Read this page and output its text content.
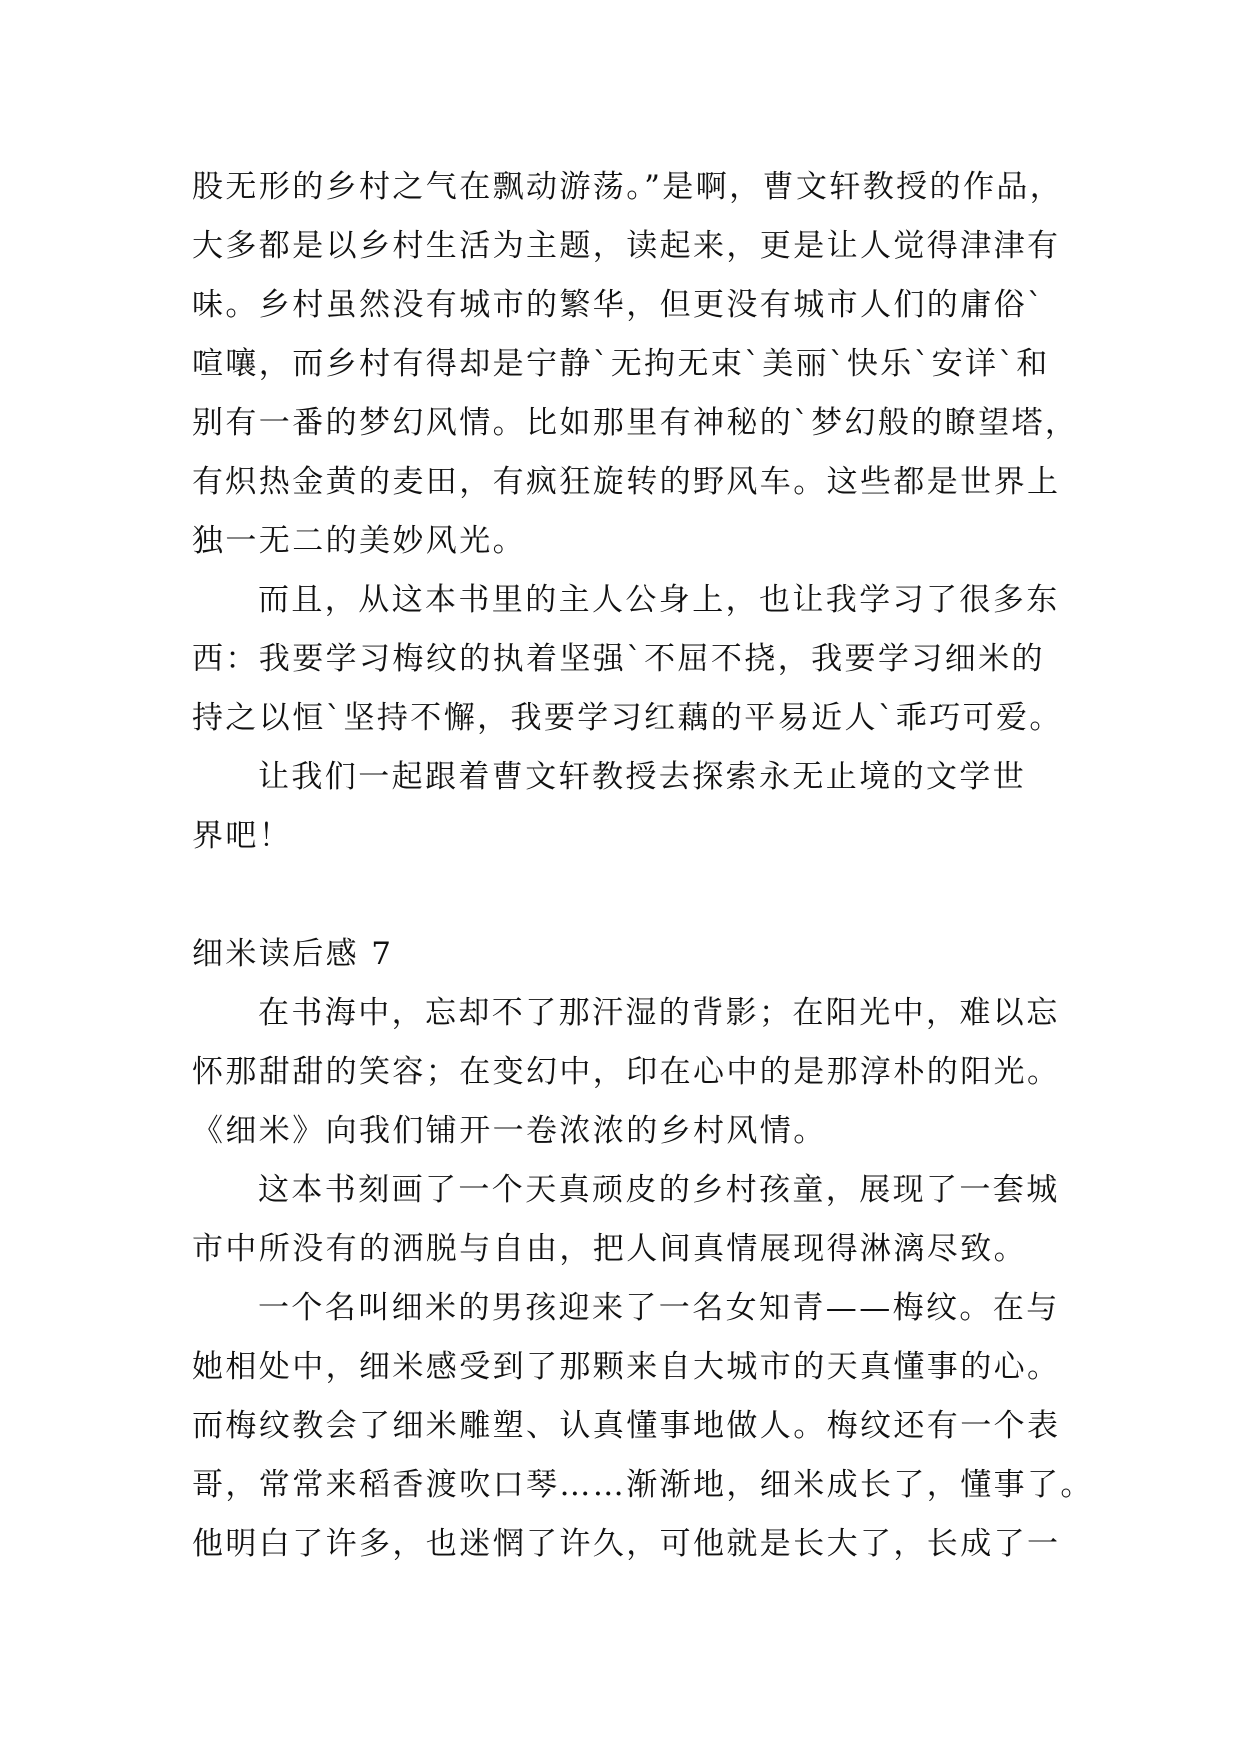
股无形的乡村之气在飘动游荡。”是啊，曹文轩教授的作品，
大多都是以乡村生活为主题，读起来，更是让人觉得津津有
味。乡村虽然没有城市的繁华，但更没有城市人们的庸俗`
喧嚷，而乡村有得却是宁静`无拘无束`美丽`快乐`安详`和
别有一番的梦幻风情。比如那里有神秘的`梦幻般的瞭望塔，
有炽热金黄的麦田，有疯狂旋转的野风车。这些都是世界上
独一无二的美妙风光。
而且，从这本书里的主人公身上，也让我学习了很多东
西：我要学习梅纹的执着坚强`不屈不挠，我要学习细米的
持之以恒`坚持不懈，我要学习红藕的平易近人`乖巧可爱。
让我们一起跟着曹文轩教授去探索永无止境的文学世
界吧！
细米读后感 7
在书海中，忘却不了那汗湿的背影；在阳光中，难以忘
怀那甜甜的笑容；在变幻中，印在心中的是那淳朴的阳光。
《细米》向我们铺开一卷浓浓的乡村风情。
这本书刻画了一个天真顽皮的乡村孩童，展现了一套城
市中所没有的洒脱与自由，把人间真情展现得淋漓尽致。
一个名叫细米的男孩迎来了一名女知青——梅纹。在与
她相处中，细米感受到了那颗来自大城市的天真懂事的心。
而梅纹教会了细米雕塑、认真懂事地做人。梅纹还有一个表
哥，常常来稻香渡吹口琴……渐渐地，细米成长了，懂事了。
他明白了许多，也迷惘了许久，可他就是长大了，长成了一
